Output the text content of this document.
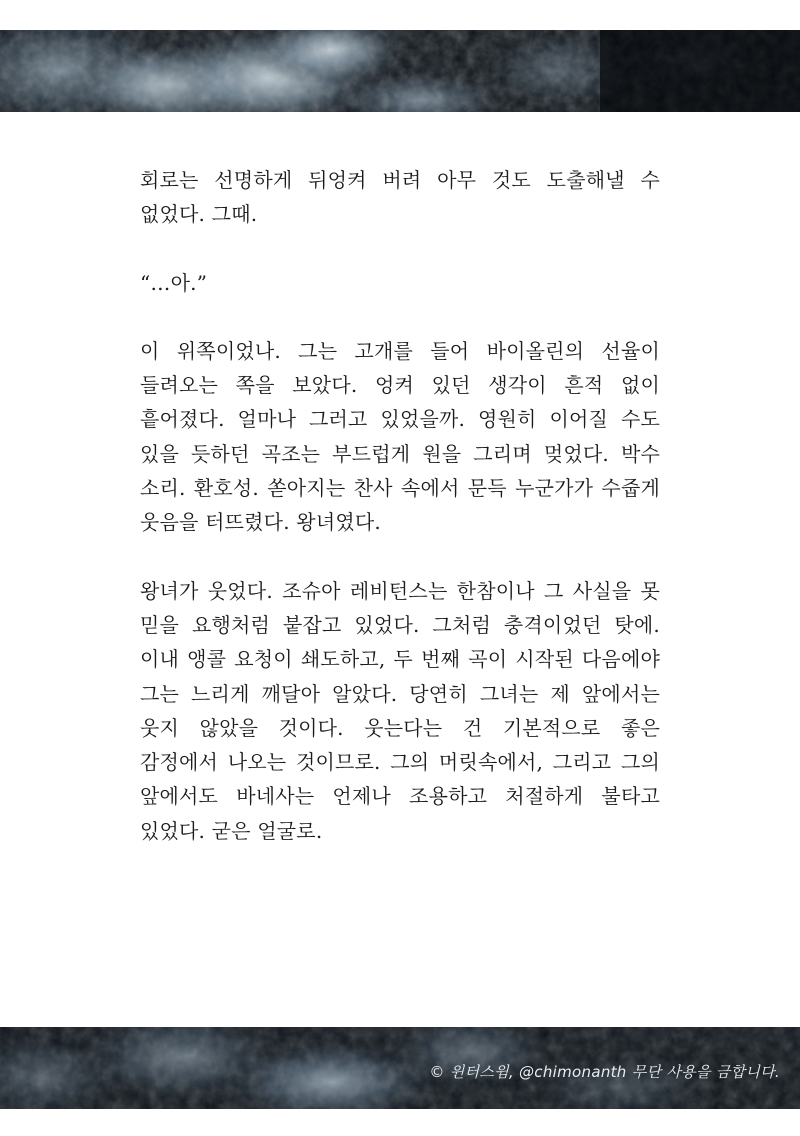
회로는 선명하게 뒤엉켜 버려 아무 것도 도출해낼 수 없었다. 그때.

“…아.”

이 위쪽이었나. 그는 고개를 들어 바이올린의 선율이 들려오는 쪽을 보았다. 엉켜 있던 생각이 흔적 없이 흩어졌다. 얼마나 그러고 있었을까. 영원히 이어질 수도 있을 듯하던 곡조는 부드럽게 원을 그리며 멎었다. 박수 소리. 환호성. 쏟아지는 찬사 속에서 문득 누군가가 수줍게 웃음을 터뜨렸다. 왕녀였다.

왕녀가 웃었다. 조슈아 레비턴스는 한참이나 그 사실을 못 믿을 요행처럼 붙잡고 있었다. 그처럼 충격이었던 탓에. 이내 앵콜 요청이 쇄도하고, 두 번째 곡이 시작된 다음에야 그는 느리게 깨달아 알았다. 당연히 그녀는 제 앞에서는 웃지 않았을 것이다. 웃는다는 건 기본적으로 좋은 감정에서 나오는 것이므로. 그의 머릿속에서, 그리고 그의 앞에서도 바네사는 언제나 조용하고 처절하게 불타고 있었다. 굳은 얼굴로.

© 윈터스윔, @chimonanth 무단 사용을 금합니다.
